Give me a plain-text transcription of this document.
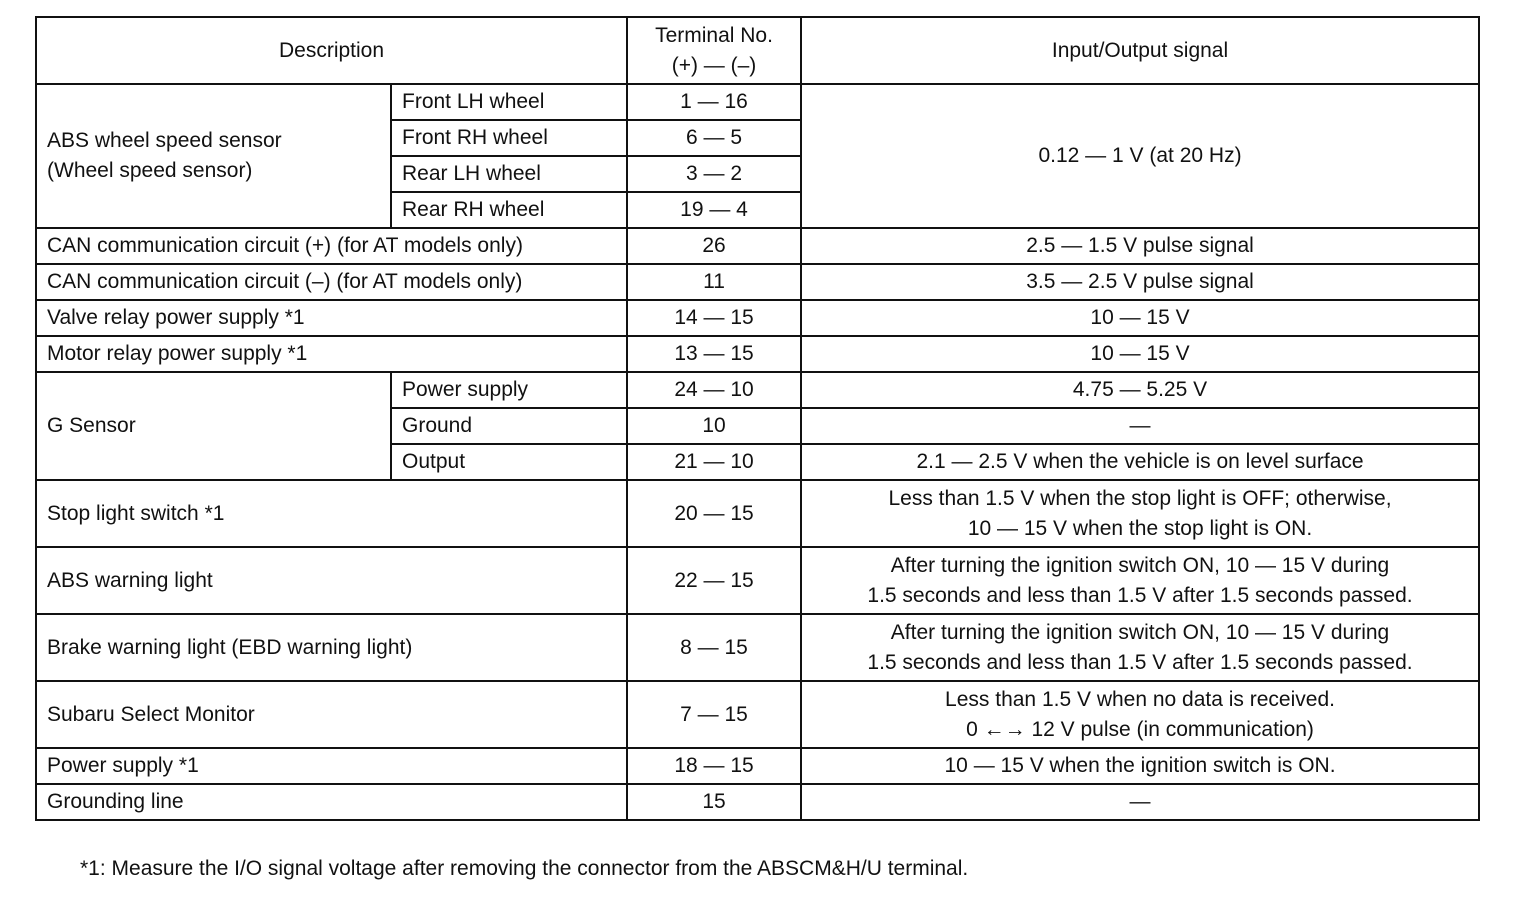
Description		Terminal No.
(+) — (–)	Input/Output signal
ABS wheel speed sensor
(Wheel speed sensor)	Front LH wheel	1 — 16	0.12 — 1 V (at 20 Hz)
	Front RH wheel	6 — 5	
	Rear LH wheel	3 — 2	
	Rear RH wheel	19 — 4	
CAN communication circuit (+) (for AT models only)		26	2.5 — 1.5 V pulse signal
CAN communication circuit (–) (for AT models only)		11	3.5 — 2.5 V pulse signal
Valve relay power supply *1		14 — 15	10 — 15 V
Motor relay power supply *1		13 — 15	10 — 15 V
G Sensor	Power supply	24 — 10	4.75 — 5.25 V
	Ground	10	—
	Output	21 — 10	2.1 — 2.5 V when the vehicle is on level surface
Stop light switch *1		20 — 15	Less than 1.5 V when the stop light is OFF; otherwise,
10 — 15 V when the stop light is ON.
ABS warning light		22 — 15	After turning the ignition switch ON, 10 — 15 V during
1.5 seconds and less than 1.5 V after 1.5 seconds passed.
Brake warning light (EBD warning light)		8 — 15	After turning the ignition switch ON, 10 — 15 V during
1.5 seconds and less than 1.5 V after 1.5 seconds passed.
Subaru Select Monitor		7 — 15	Less than 1.5 V when no data is received.
0 ←→ 12 V pulse (in communication)
Power supply *1		18 — 15	10 — 15 V when the ignition switch is ON.
Grounding line		15	—
*1: Measure the I/O signal voltage after removing the connector from the ABSCM&H/U terminal.
